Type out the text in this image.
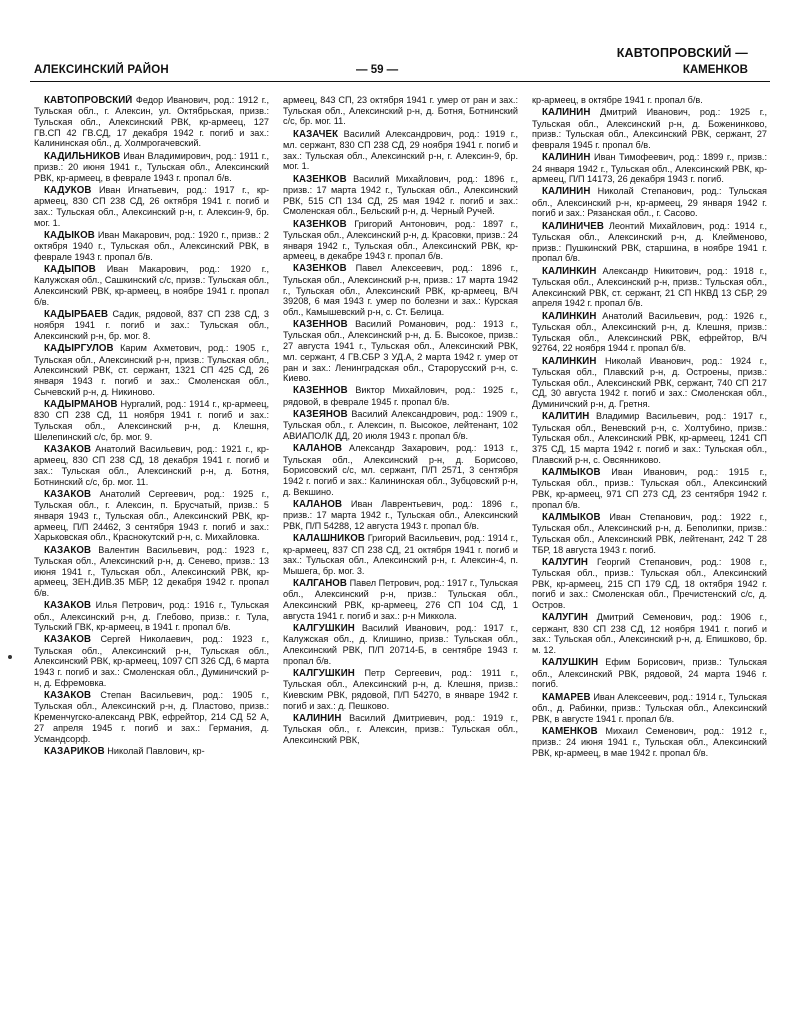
АЛЕКСИНСКИЙ РАЙОН	— 59 —
КАВТОПРОВСКИЙ —
КАМЕНКОВ
КАВТОПРОВСКИЙ Федор Иванович, род.: 1912 г., Тульская обл., г. Алексин, ул. Октябрьская, призв.: Тульская обл., Алексинский РВК, кр-армеец, 127 ГВ.СП 42 ГВ.СД, 17 декабря 1942 г. погиб и зах.: Калининская обл., д. Холмрогачевский.
КАДИЛЬНИКОВ Иван Владимирович, род.: 1911 г., призв.: 20 июня 1941 г., Тульская обл., Алексинский РВК, кр-армеец, в феврале 1943 г. пропал б/в.
КАДУКОВ Иван Игнатьевич, род.: 1917 г., кр-армеец, 830 СП 238 СД, 26 октября 1941 г. погиб и зах.: Тульская обл., Алексинский р-н, г. Алексин-9, бр. мог. 1.
КАДЫКОВ Иван Макарович, род.: 1920 г., призв.: 2 октября 1940 г., Тульская обл., Алексинский РВК, в феврале 1943 г. пропал б/в.
КАДЫПОВ Иван Макарович, род.: 1920 г., Калужская обл., Сашкинский с/с, призв.: Тульская обл., Алексинский РВК, кр-армеец, в ноябре 1941 г. пропал б/в.
КАДЫРБАЕВ Садик, рядовой, 837 СП 238 СД, 3 ноября 1941 г. погиб и зах.: Тульская обл., Алексинский р-н, бр. мог. 8.
КАДЫРГУЛОВ Карим Ахметович, род.: 1905 г., Тульская обл., Алексинский р-н, призв.: Тульская обл., Алексинский РВК, ст. сержант, 1321 СП 425 СД, 26 января 1943 г. погиб и зах.: Смоленская обл., Сычевский р-н, д. Никиново.
КАДЫРМАНОВ Нургалий, род.: 1914 г., кр-армеец, 830 СП 238 СД, 11 ноября 1941 г. погиб и зах.: Тульская обл., Алексинский р-н, д. Клешня, Шелепинский с/с, бр. мог. 9.
КАЗАКОВ Анатолий Васильевич, род.: 1921 г., кр-армеец, 830 СП 238 СД, 18 декабря 1941 г. погиб и зах.: Тульская обл., Алексинский р-н, д. Ботня, Ботнинский с/с, бр. мог. 11.
КАЗАКОВ Анатолий Сергеевич, род.: 1925 г., Тульская обл., г. Алексин, п. Брусчатый, призв.: 5 января 1943 г., Тульская обл., Алексинский РВК, кр-армеец, П/П 24462, 3 сентября 1943 г. погиб и зах.: Харьковская обл., Краснокутский р-н, с. Михайловка.
КАЗАКОВ Валентин Васильевич, род.: 1923 г., Тульская обл., Алексинский р-н, д. Сенево, призв.: 13 июня 1941 г., Тульская обл., Алексинский РВК, кр-армеец, ЗЕН.ДИВ.35 МБР, 12 декабря 1942 г. пропал б/в.
КАЗАКОВ Илья Петрович, род.: 1916 г., Тульская обл., Алексинский р-н, д. Глебово, призв.: г. Тула, Тульский ГВК, кр-армеец, в 1941 г. пропал б/в.
КАЗАКОВ Сергей Николаевич, род.: 1923 г., Тульская обл., Алексинский р-н, Тульская обл., Алексинский РВК, кр-армеец, 1097 СП 326 СД, 6 марта 1943 г. погиб и зах.: Смоленская обл., Думиничский р-н, д. Ефремовка.
КАЗАКОВ Степан Васильевич, род.: 1905 г., Тульская обл., Алексинский р-н, д. Пластово, призв.: Кременчугско-александ РВК, ефрейтор, 214 СД 52 А, 27 апреля 1945 г. погиб и зах.: Германия, д. Усмандсорф.
КАЗАРИКОВ Николай Павлович, кр-
армеец, 843 СП, 23 октября 1941 г. умер от ран и зах.: Тульская обл., Алексинский р-н, д. Ботня, Ботнинский с/с, бр. мог. 11.
КАЗАЧЕК Василий Александрович, род.: 1919 г., мл. сержант, 830 СП 238 СД, 29 ноября 1941 г. погиб и зах.: Тульская обл., Алексинский р-н, г. Алексин-9, бр. мог. 1.
КАЗЕНКОВ Василий Михайлович, род.: 1896 г., призв.: 17 марта 1942 г., Тульская обл., Алексинский РВК, 515 СП 134 СД, 25 мая 1942 г. погиб и зах.: Смоленская обл., Бельский р-н, д. Черный Ручей.
КАЗЕНКОВ Григорий Антонович, род.: 1897 г., Тульская обл., Алексинский р-н, д. Красовки, призв.: 24 января 1942 г., Тульская обл., Алексинский РВК, кр-армеец, в декабре 1943 г. пропал б/в.
КАЗЕНКОВ Павел Алексеевич, род.: 1896 г., Тульская обл., Алексинский р-н, призв.: 17 марта 1942 г., Тульская обл., Алексинский РВК, кр-армеец, В/Ч 39208, 6 мая 1943 г. умер по болезни и зах.: Курская обл., Камышевский р-н, с. Ст. Белица.
КАЗЕННОВ Василий Романович, род.: 1913 г., Тульская обл., Алексинский р-н, д. Б. Высокое, призв.: 27 августа 1941 г., Тульская обл., Алексинский РВК, мл. сержант, 4 ГВ.СБР 3 УД.А, 2 марта 1942 г. умер от ран и зах.: Ленинградская обл., Старорусский р-н, с. Киево.
КАЗЕННОВ Виктор Михайлович, род.: 1925 г., рядовой, в феврале 1945 г. пропал б/в.
КАЗЕЯНОВ Василий Александрович, род.: 1909 г., Тульская обл., г. Алексин, п. Высокое, лейтенант, 102 АВИАПОЛК ДД, 20 июля 1943 г. пропал б/в.
КАЛАНОВ Александр Захарович, род.: 1913 г., Тульская обл., Алексинский р-н, д. Борисово, Борисовский с/с, мл. сержант, П/П 2571, 3 сентября 1942 г. погиб и зах.: Калининская обл., Зубцовский р-н, д. Векшино.
КАЛАНОВ Иван Лаврентьевич, род.: 1896 г., призв.: 17 марта 1942 г., Тульская обл., Алексинский РВК, П/П 54288, 12 августа 1943 г. пропал б/в.
КАЛАШНИКОВ Григорий Васильевич, род.: 1914 г., кр-армеец, 837 СП 238 СД, 21 октября 1941 г. погиб и зах.: Тульская обл., Алексинский р-н, г. Алексин-4, п. Мышега, бр. мог. 3.
КАЛГАНОВ Павел Петрович, род.: 1917 г., Тульская обл., Алексинский р-н, призв.: Тульская обл., Алексинский РВК, кр-армеец, 276 СП 104 СД, 1 августа 1941 г. погиб и зах.: р-н Миккола.
КАЛГУШКИН Василий Иванович, род.: 1917 г., Калужская обл., д. Клишино, призв.: Тульская обл., Алексинский РВК, П/П 20714-Б, в сентябре 1943 г. пропал б/в.
КАЛГУШКИН Петр Сергеевич, род.: 1911 г., Тульская обл., Алексинский р-н, д. Клешня, призв.: Киевским РВК, рядовой, П/П 54270, в январе 1942 г. погиб и зах.: д. Пешково.
КАЛИНИН Василий Дмитриевич, род.: 1919 г., Тульская обл., г. Алексин, призв.: Тульская обл., Алексинский РВК,
кр-армеец, в октябре 1941 г. пропал б/в.
КАЛИНИН Дмитрий Иванович, род.: 1925 г., Тульская обл., Алексинский р-н, д. Боженинково, призв.: Тульская обл., Алексинский РВК, сержант, 27 февраля 1945 г. пропал б/в.
КАЛИНИН Иван Тимофеевич, род.: 1899 г., призв.: 24 января 1942 г., Тульская обл., Алексинский РВК, кр-армеец, П/П 14173, 26 декабря 1943 г. погиб.
КАЛИНИН Николай Степанович, род.: Тульская обл., Алексинский р-н, кр-армеец, 29 января 1942 г. погиб и зах.: Рязанская обл., г. Сасово.
КАЛИНИЧЕВ Леонтий Михайлович, род.: 1914 г., Тульская обл., Алексинский р-н, д. Клейменово, призв.: Пушкинский РВК, старшина, в ноябре 1941 г. пропал б/в.
КАЛИНКИН Александр Никитович, род.: 1918 г., Тульская обл., Алексинский р-н, призв.: Тульская обл., Алексинский РВК, ст. сержант, 21 СП НКВД 13 СБР, 29 апреля 1942 г. пропал б/в.
КАЛИНКИН Анатолий Васильевич, род.: 1926 г., Тульская обл., Алексинский р-н, д. Клешня, призв.: Тульская обл., Алексинский РВК, ефрейтор, В/Ч 92764, 22 ноября 1944 г. пропал б/в.
КАЛИНКИН Николай Иванович, род.: 1924 г., Тульская обл., Плавский р-н, д. Остроены, призв.: Тульская обл., Алексинский РВК, сержант, 740 СП 217 СД, 30 августа 1942 г. погиб и зах.: Смоленская обл., Думиничский р-н, д. Гретня.
КАЛИТИН Владимир Васильевич, род.: 1917 г., Тульская обл., Веневский р-н, с. Холтубино, призв.: Тульская обл., Алексинский РВК, кр-армеец, 1241 СП 375 СД, 15 марта 1942 г. погиб и зах.: Тульская обл., Плавский р-н, с. Овсянниково.
КАЛМЫКОВ Иван Иванович, род.: 1915 г., Тульская обл., призв.: Тульская обл., Алексинский РВК, кр-армеец, 971 СП 273 СД, 23 сентября 1942 г. пропал б/в.
КАЛМЫКОВ Иван Степанович, род.: 1922 г., Тульская обл., Алексинский р-н, д. Беполипки, призв.: Тульская обл., Алексинский РВК, лейтенант, 242 Т 28 ТБР, 18 августа 1943 г. погиб.
КАЛУГИН Георгий Степанович, род.: 1908 г., Тульская обл., призв.: Тульская обл., Алексинский РВК, кр-армеец, 215 СП 179 СД, 18 октября 1942 г. погиб и зах.: Смоленская обл., Пречистенский с/с, д. Остров.
КАЛУГИН Дмитрий Семенович, род.: 1906 г., сержант, 830 СП 238 СД, 12 ноября 1941 г. погиб и зах.: Тульская обл., Алексинский р-н, д. Епишково, бр. м. 12.
КАЛУШКИН Ефим Борисович, призв.: Тульская обл., Алексинский РВК, рядовой, 24 марта 1946 г. погиб.
КАМАРЕВ Иван Алексеевич, род.: 1914 г., Тульская обл., д. Рабинки, призв.: Тульская обл., Алексинский РВК, в августе 1941 г. пропал б/в.
КАМЕНКОВ Михаил Семенович, род.: 1912 г., призв.: 24 июня 1941 г., Тульская обл., Алексинский РВК, кр-армеец, в мае 1942 г. пропал б/в.
